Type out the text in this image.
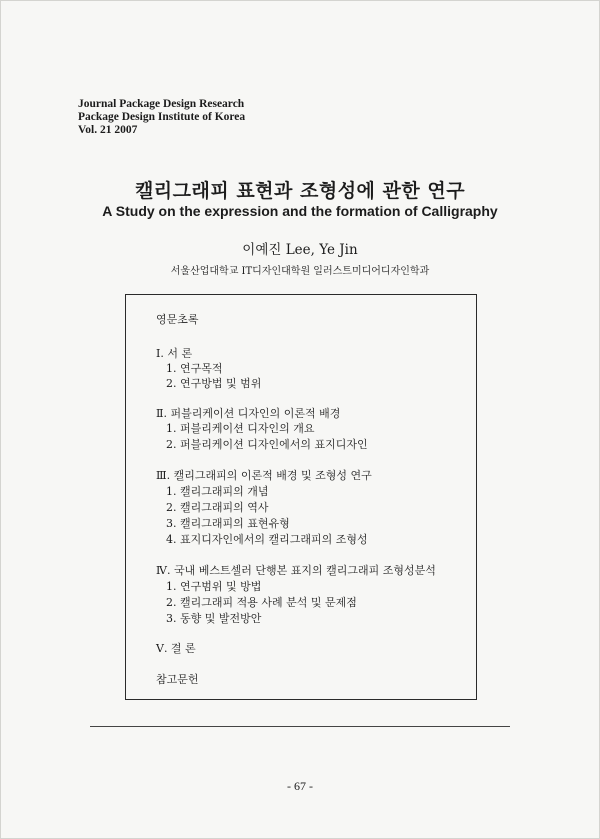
Journal Package Design Research
Package Design Institute of Korea
Vol. 21 2007
캘리그래피 표현과 조형성에 관한 연구
A Study on the expression and the formation of Calligraphy
이예진 Lee, Ye Jin
서울산업대학교 IT디자인대학원 일러스트미디어디자인학과
영문초록
Ⅰ. 서 론
1. 연구목적
2. 연구방법 및 범위
Ⅱ. 퍼블리케이션 디자인의 이론적 배경
1. 퍼블리케이션 디자인의 개요
2. 퍼블리케이션 디자인에서의 표지디자인
Ⅲ. 캘리그래피의 이론적 배경 및 조형성 연구
1. 캘리그래피의 개념
2. 캘리그래피의 역사
3. 캘리그래피의 표현유형
4. 표지디자인에서의 캘리그래피의 조형성
Ⅳ. 국내 베스트셀러 단행본 표지의 캘리그래피 조형성분석
1. 연구범위 및 방법
2. 캘리그래피 적용 사례 분석 및 문제점
3. 동향 및 발전방안
Ⅴ. 결 론
참고문헌
- 67 -
